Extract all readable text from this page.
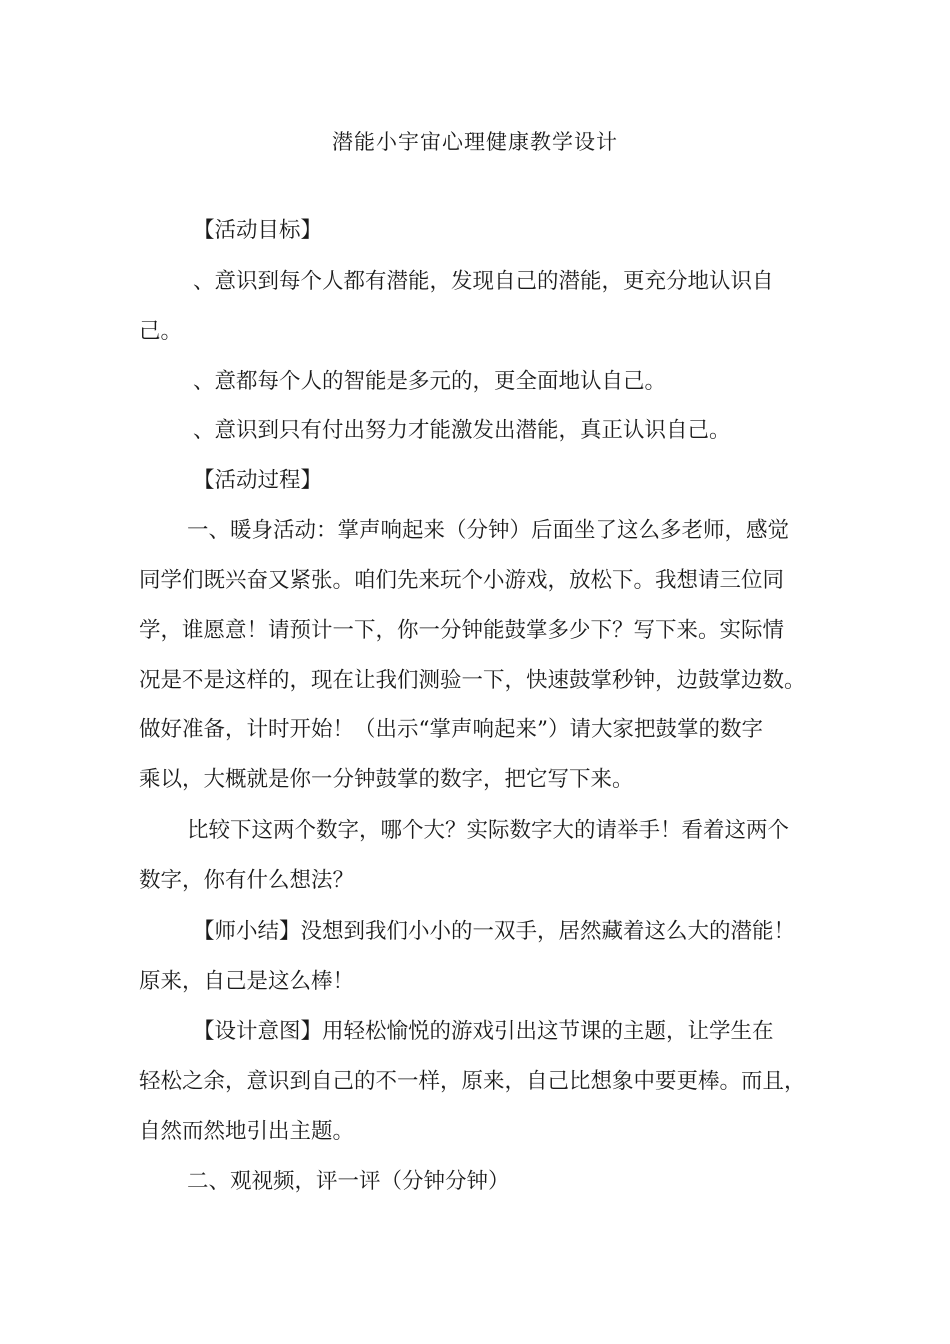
潜能小宇宙心理健康教学设计
【活动目标】
、意识到每个人都有潜能，发现自己的潜能，更充分地认识自
己。
、意都每个人的智能是多元的，更全面地认自己。
、意识到只有付出努力才能激发出潜能，真正认识自己。
【活动过程】
一、暖身活动：掌声响起来（分钟）后面坐了这么多老师，感觉
同学们既兴奋又紧张。咱们先来玩个小游戏，放松下。我想请三位同
学，谁愿意！请预计一下，你一分钟能鼓掌多少下？写下来。实际情
况是不是这样的，现在让我们测验一下，快速鼓掌秒钟，边鼓掌边数。
做好准备，计时开始！（出示“掌声响起来”）请大家把鼓掌的数字
乘以，大概就是你一分钟鼓掌的数字，把它写下来。
比较下这两个数字，哪个大？实际数字大的请举手！看着这两个
数字，你有什么想法？
【师小结】没想到我们小小的一双手，居然藏着这么大的潜能！
原来，自己是这么棒！
【设计意图】用轻松愉悦的游戏引出这节课的主题，让学生在
轻松之余，意识到自己的不一样，原来，自己比想象中要更棒。而且，
自然而然地引出主题。
二、观视频，评一评（分钟分钟）
